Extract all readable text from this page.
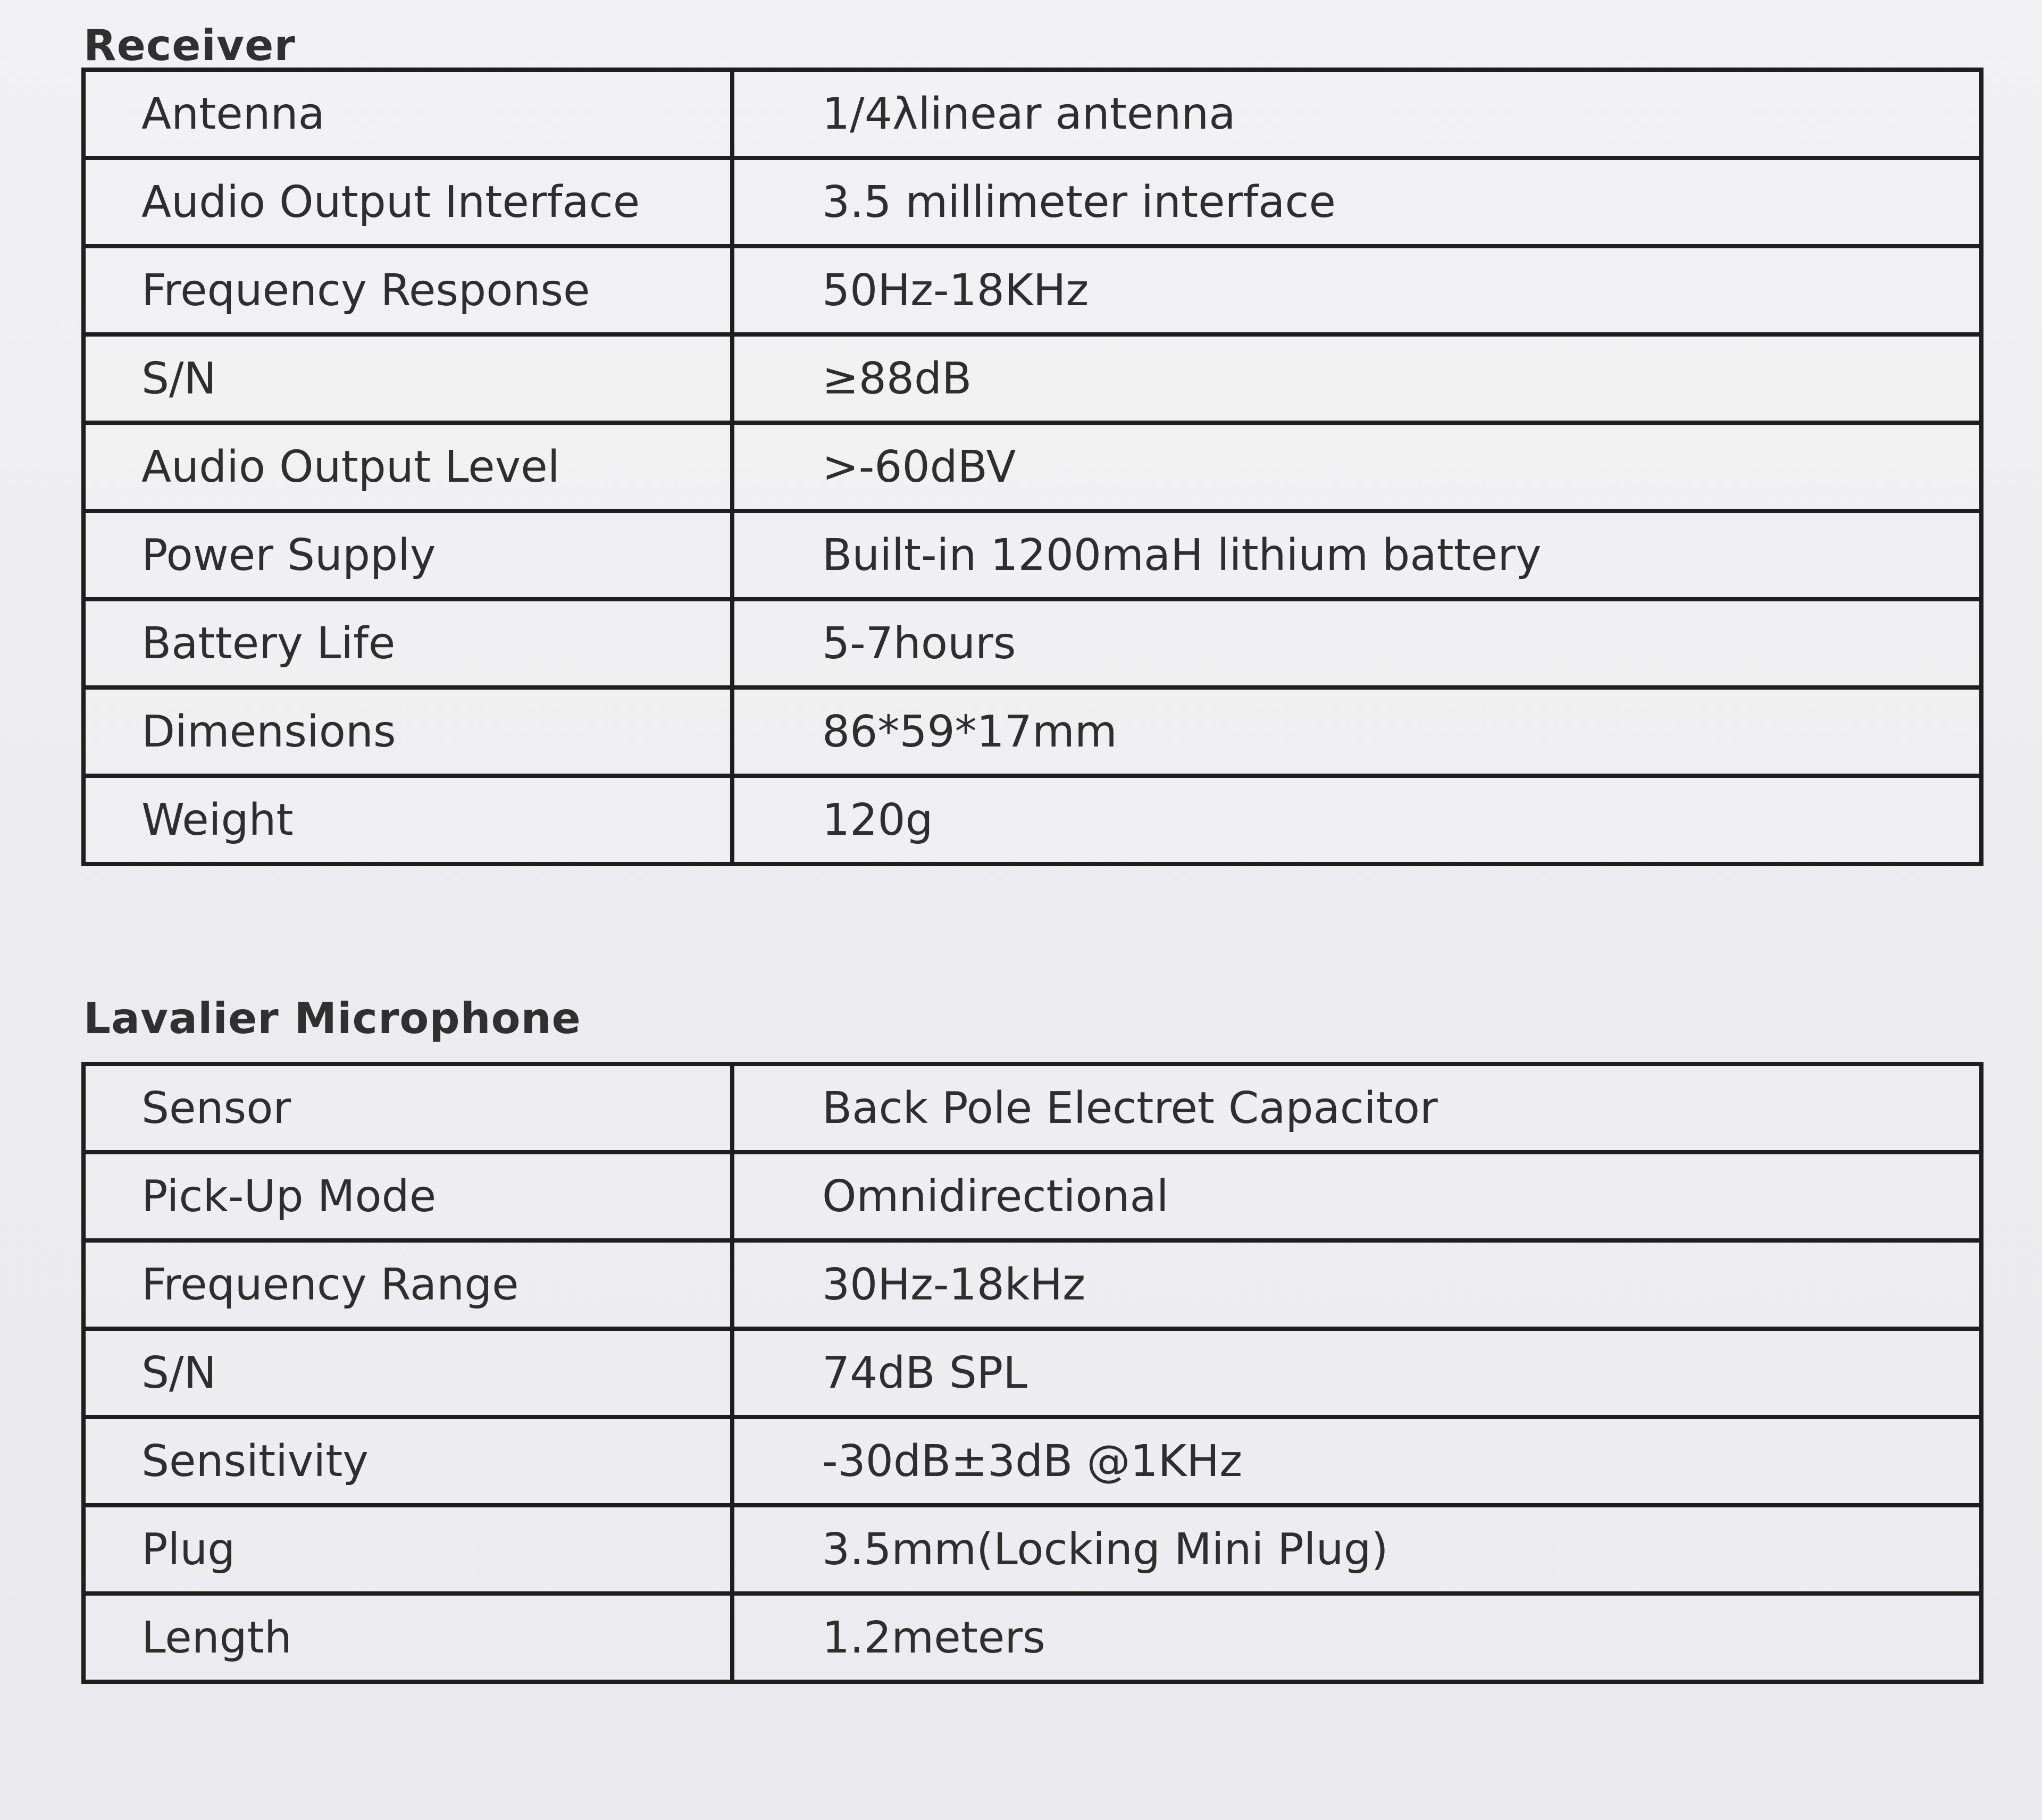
Receiver
Antenna	1/4λlinear antenna
Audio Output Interface	3.5 millimeter interface
Frequency Response	50Hz-18KHz
S/N	≥88dB
Audio Output Level	>-60dBV
Power Supply	Built-in 1200maH lithium battery
Battery Life	5-7hours
Dimensions	86*59*17mm
Weight	120g
Lavalier Microphone
Sensor	Back Pole Electret Capacitor
Pick-Up Mode	Omnidirectional
Frequency Range	30Hz-18kHz
S/N	74dB SPL
Sensitivity	-30dB±3dB @1KHz
Plug	3.5mm(Locking Mini Plug)
Length	1.2meters
